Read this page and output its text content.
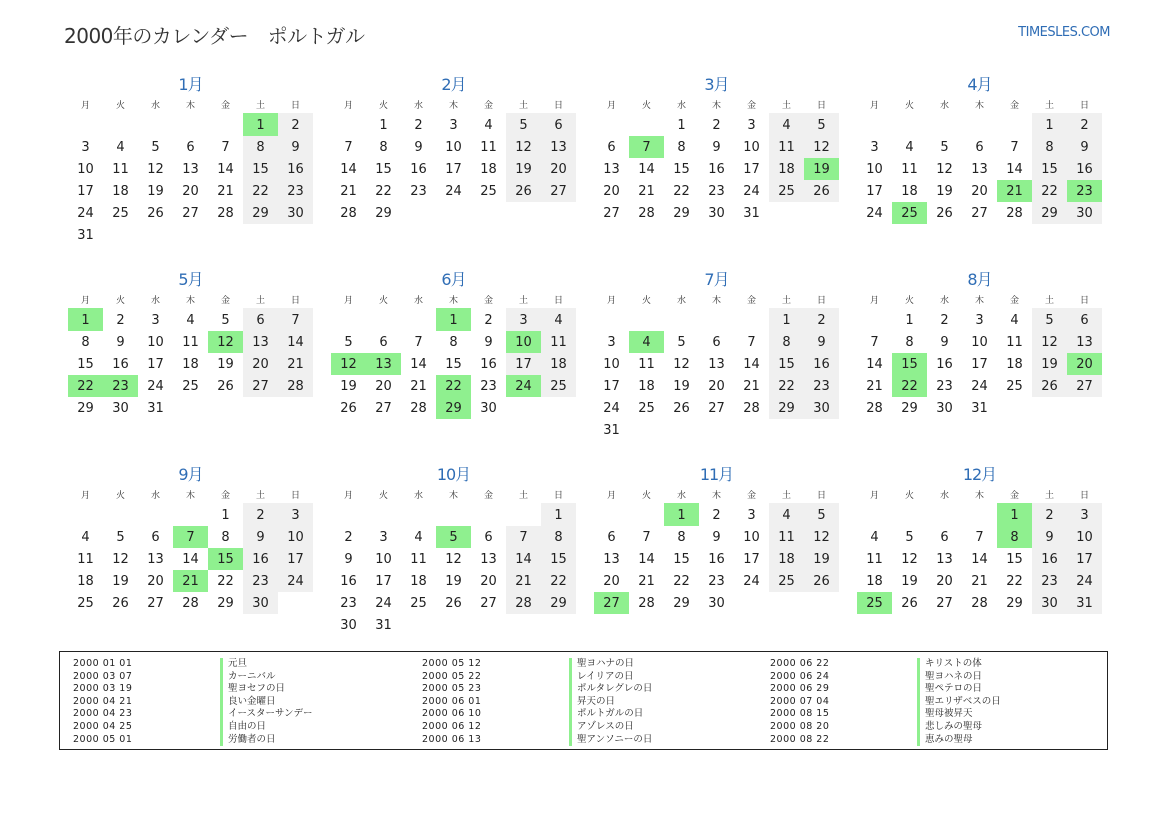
2000年のカレンダー　ポルトガル	TIMESLES.COM
1月
月	火	水	木	金	土	日
					1	2
3	4	5	6	7	8	9
10	11	12	13	14	15	16
17	18	19	20	21	22	23
24	25	26	27	28	29	30
31						
2月
月	火	水	木	金	土	日
	1	2	3	4	5	6
7	8	9	10	11	12	13
14	15	16	17	18	19	20
21	22	23	24	25	26	27
28	29					
3月
月	火	水	木	金	土	日
		1	2	3	4	5
6	7	8	9	10	11	12
13	14	15	16	17	18	19
20	21	22	23	24	25	26
27	28	29	30	31		
4月
月	火	水	木	金	土	日
					1	2
3	4	5	6	7	8	9
10	11	12	13	14	15	16
17	18	19	20	21	22	23
24	25	26	27	28	29	30
5月
月	火	水	木	金	土	日
1	2	3	4	5	6	7
8	9	10	11	12	13	14
15	16	17	18	19	20	21
22	23	24	25	26	27	28
29	30	31				
6月
月	火	水	木	金	土	日
			1	2	3	4
5	6	7	8	9	10	11
12	13	14	15	16	17	18
19	20	21	22	23	24	25
26	27	28	29	30		
7月
月	火	水	木	金	土	日
					1	2
3	4	5	6	7	8	9
10	11	12	13	14	15	16
17	18	19	20	21	22	23
24	25	26	27	28	29	30
31						
8月
月	火	水	木	金	土	日
	1	2	3	4	5	6
7	8	9	10	11	12	13
14	15	16	17	18	19	20
21	22	23	24	25	26	27
28	29	30	31			
9月
月	火	水	木	金	土	日
				1	2	3
4	5	6	7	8	9	10
11	12	13	14	15	16	17
18	19	20	21	22	23	24
25	26	27	28	29	30	
10月
月	火	水	木	金	土	日
						1
2	3	4	5	6	7	8
9	10	11	12	13	14	15
16	17	18	19	20	21	22
23	24	25	26	27	28	29
30	31					
11月
月	火	水	木	金	土	日
		1	2	3	4	5
6	7	8	9	10	11	12
13	14	15	16	17	18	19
20	21	22	23	24	25	26
27	28	29	30			
12月
月	火	水	木	金	土	日
				1	2	3
4	5	6	7	8	9	10
11	12	13	14	15	16	17
18	19	20	21	22	23	24
25	26	27	28	29	30	31
2000 01 01	元旦
2000 03 07	カーニバル
2000 03 19	聖ヨセフの日
2000 04 21	良い金曜日
2000 04 23	イースターサンデー
2000 04 25	自由の日
2000 05 01	労働者の日
2000 05 12	聖ヨハナの日
2000 05 22	レイリアの日
2000 05 23	ポルタレグレの日
2000 06 01	昇天の日
2000 06 10	ポルトガルの日
2000 06 12	アゾレスの日
2000 06 13	聖アンソニーの日
2000 06 22	キリストの体
2000 06 24	聖ヨハネの日
2000 06 29	聖ペテロの日
2000 07 04	聖エリザベスの日
2000 08 15	聖母被昇天
2000 08 20	悲しみの聖母
2000 08 22	恵みの聖母
